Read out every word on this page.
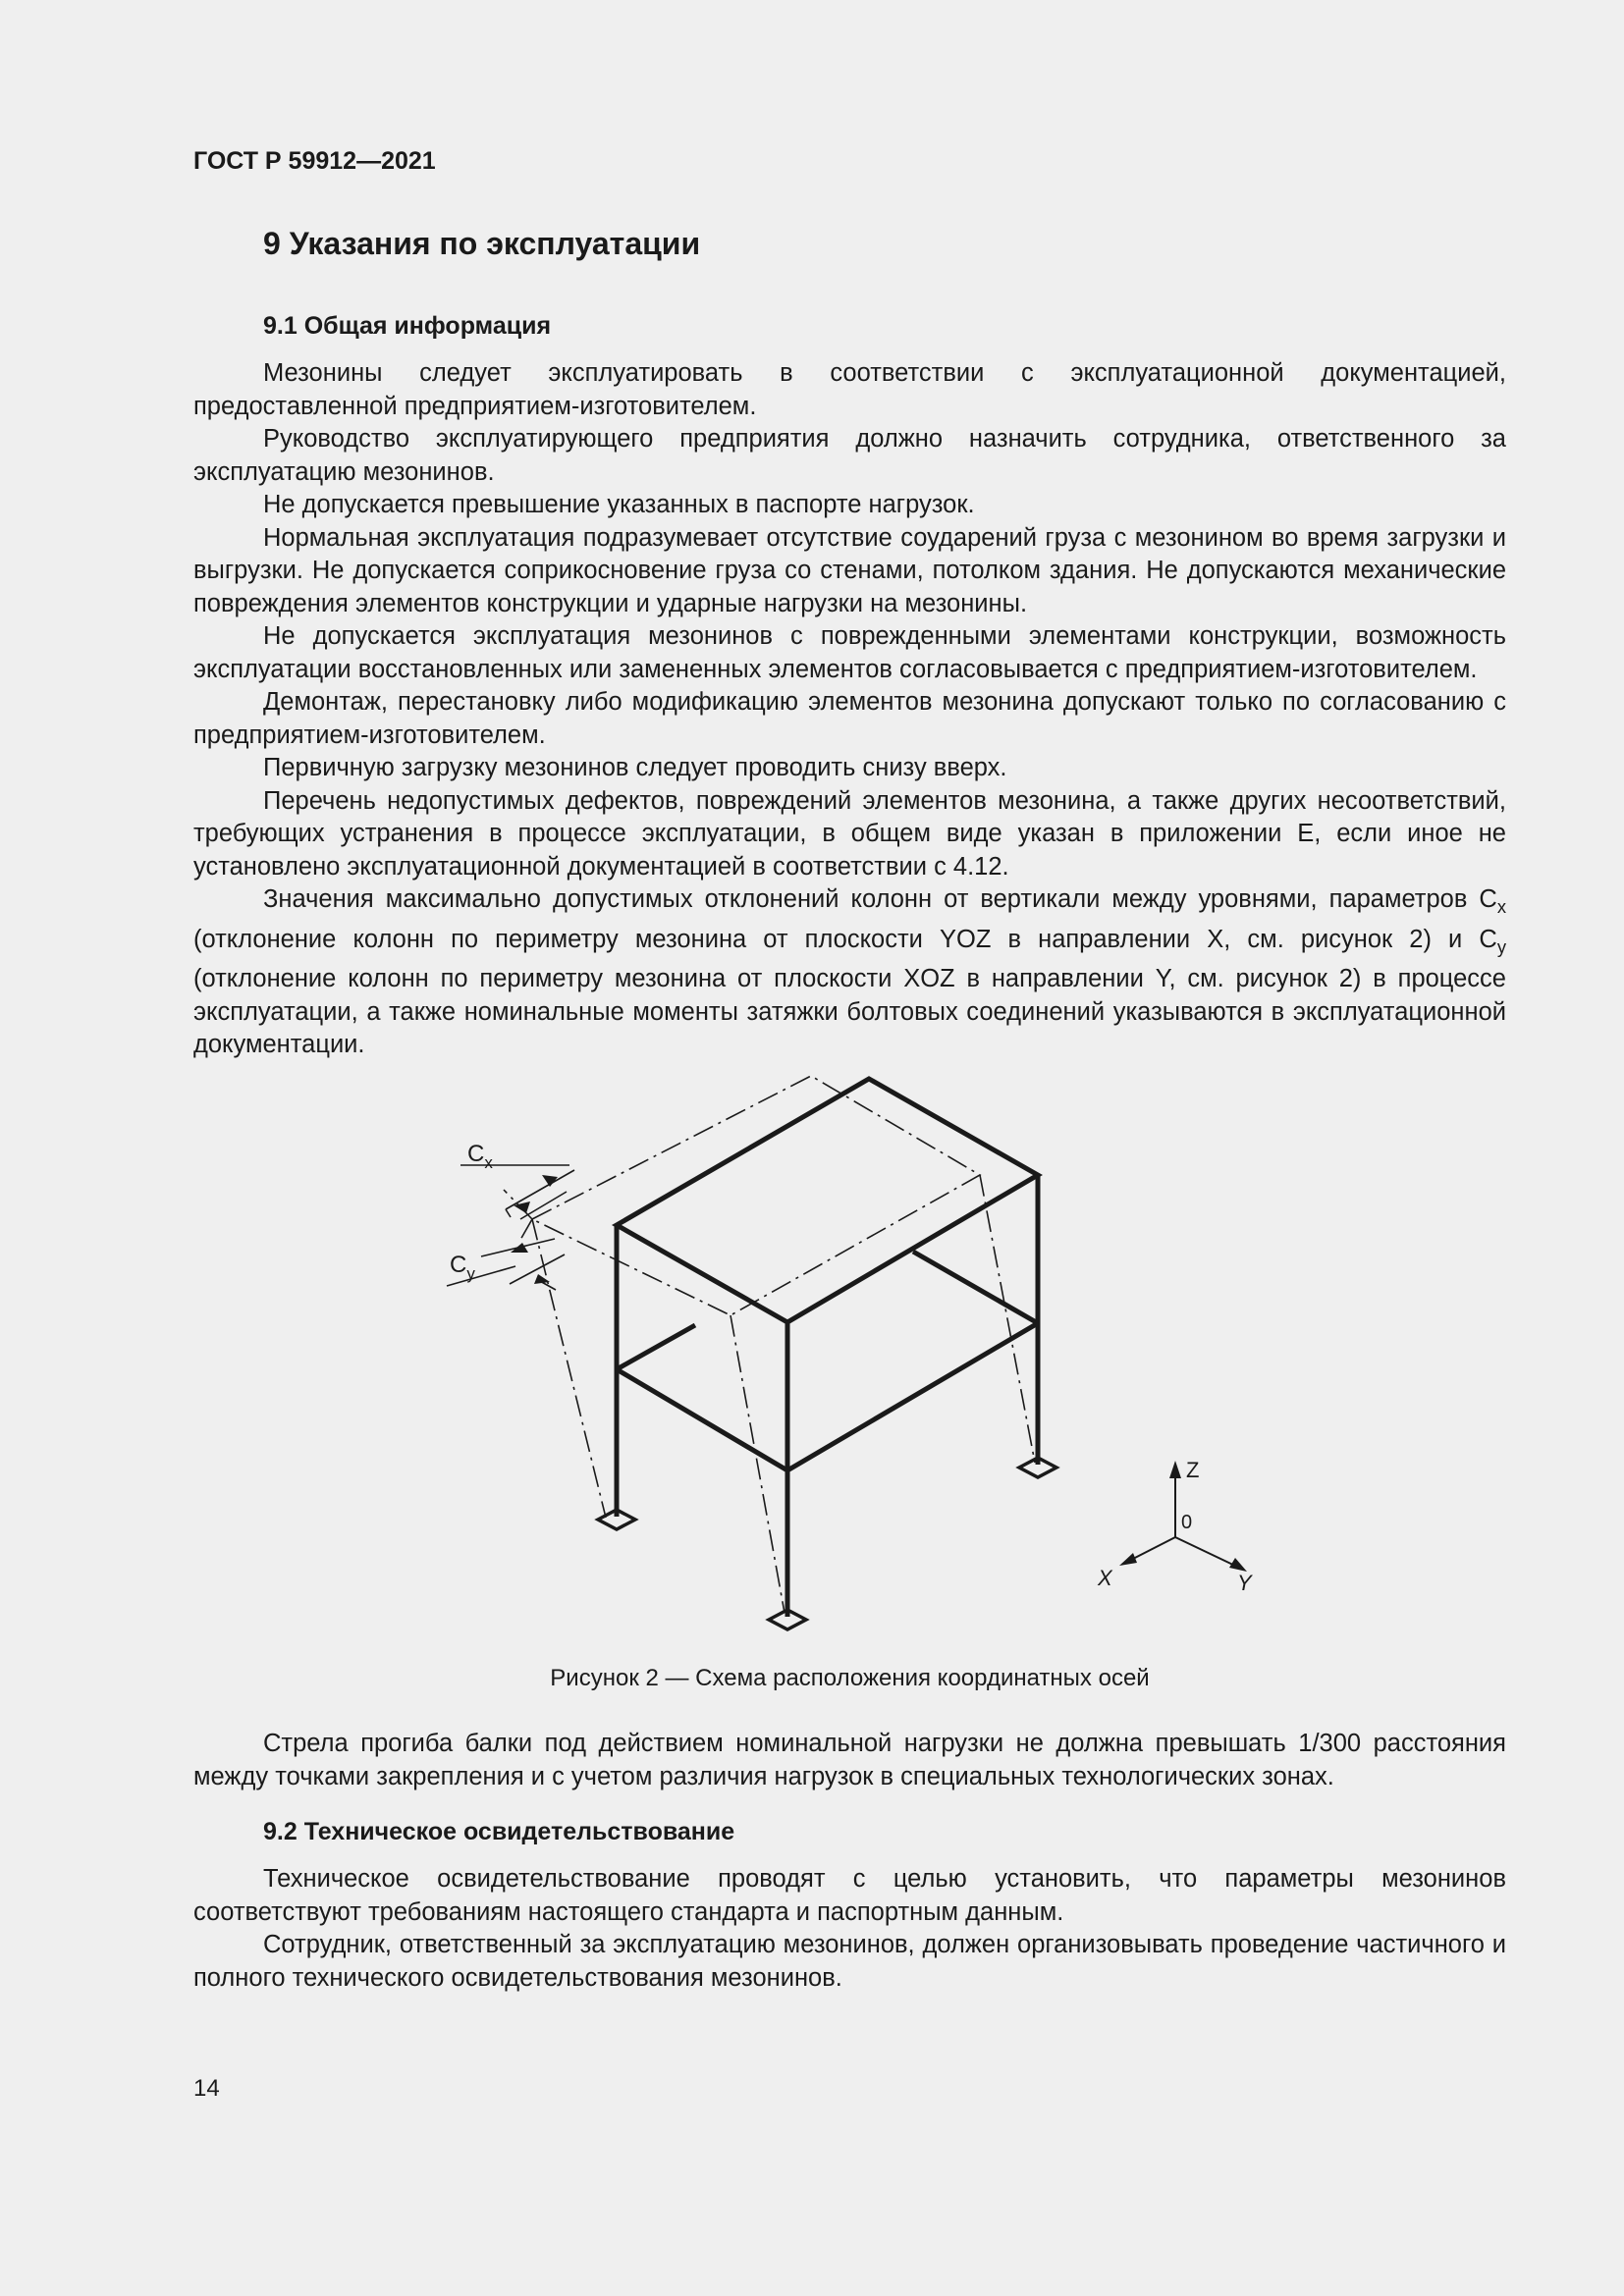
ГОСТ Р 59912—2021
9 Указания по эксплуатации
9.1 Общая информация

Мезонины следует эксплуатировать в соответствии с эксплуатационной документацией, предоставленной предприятием-изготовителем.

Руководство эксплуатирующего предприятия должно назначить сотрудника, ответственного за эксплуатацию мезонинов.

Не допускается превышение указанных в паспорте нагрузок.

Нормальная эксплуатация подразумевает отсутствие соударений груза с мезонином во время загрузки и выгрузки. Не допускается соприкосновение груза со стенами, потолком здания. Не допускаются механические повреждения элементов конструкции и ударные нагрузки на мезонины.

Не допускается эксплуатация мезонинов с поврежденными элементами конструкции, возможность эксплуатации восстановленных или замененных элементов согласовывается с предприятием-изготовителем.

Демонтаж, перестановку либо модификацию элементов мезонина допускают только по согласованию с предприятием-изготовителем.

Первичную загрузку мезонинов следует проводить снизу вверх.

Перечень недопустимых дефектов, повреждений элементов мезонина, а также других несоответствий, требующих устранения в процессе эксплуатации, в общем виде указан в приложении Е, если иное не установлено эксплуатационной документацией в соответствии с 4.12.

Значения максимально допустимых отклонений колонн от вертикали между уровнями, параметров $С_x$ (отклонение колонн по периметру мезонина от плоскости YOZ в направлении X, см. рисунок 2) и $С_y$ (отклонение колонн по периметру мезонина от плоскости XOZ в направлении Y, см. рисунок 2) в процессе эксплуатации, а также номинальные моменты затяжки болтовых соединений указываются в эксплуатационной документации.

$C_x$
$C_y$
Z
0
X	Y
Рисунок 2 — Схема расположения координатных осей

Стрела прогиба балки под действием номинальной нагрузки не должна превышать 1/300 расстояния между точками закрепления и с учетом различия нагрузок в специальных технологических зонах.

9.2 Техническое освидетельствование

Техническое освидетельствование проводят с целью установить, что параметры мезонинов соответствуют требованиям настоящего стандарта и паспортным данным.

Сотрудник, ответственный за эксплуатацию мезонинов, должен организовывать проведение частичного и полного технического освидетельствования мезонинов.

14
